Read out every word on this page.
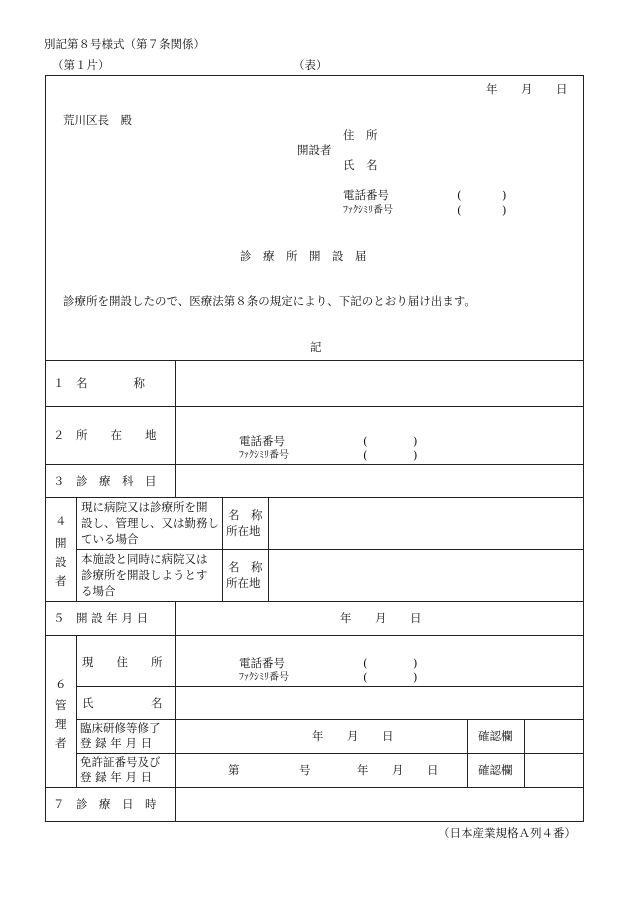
別記第８号様式（第７条関係）
（第１片）	（表）
年 月 日
荒川区長　殿
開設者
住　所
氏　名
電話番号	(	)
ﾌｧｸｼﾐﾘ番号	(	)
診　療　所　開　設　届
診療所を開設したので、医療法第８条の規定により、下記のとおり届け出ます。
記
１　名　　　　称
２　所　　在　　地	電話番号	(	)
ﾌｧｸｼﾐﾘ番号	(	)
３　診　療　科　目
４
開
設
者
現に病院又は診療所を開
設し、管理し、又は勤務し
ている場合
名　称
所在地
本施設と同時に病院又は
診療所を開設しようとす
る場合
名　称
所在地
５　開 設 年 月 日	年 月 日
６
管
理
者
現　　住　　所	電話番号	(	)
ﾌｧｸｼﾐﾘ番号	(	)
氏　　　　　名
臨床研修等修了
登 録 年 月 日	年 月 日	確認欄
免許証番号及び
登 録 年 月 日	第	号	年 月 日	確認欄
７　診　療　日　時
（日本産業規格Ａ列４番）
